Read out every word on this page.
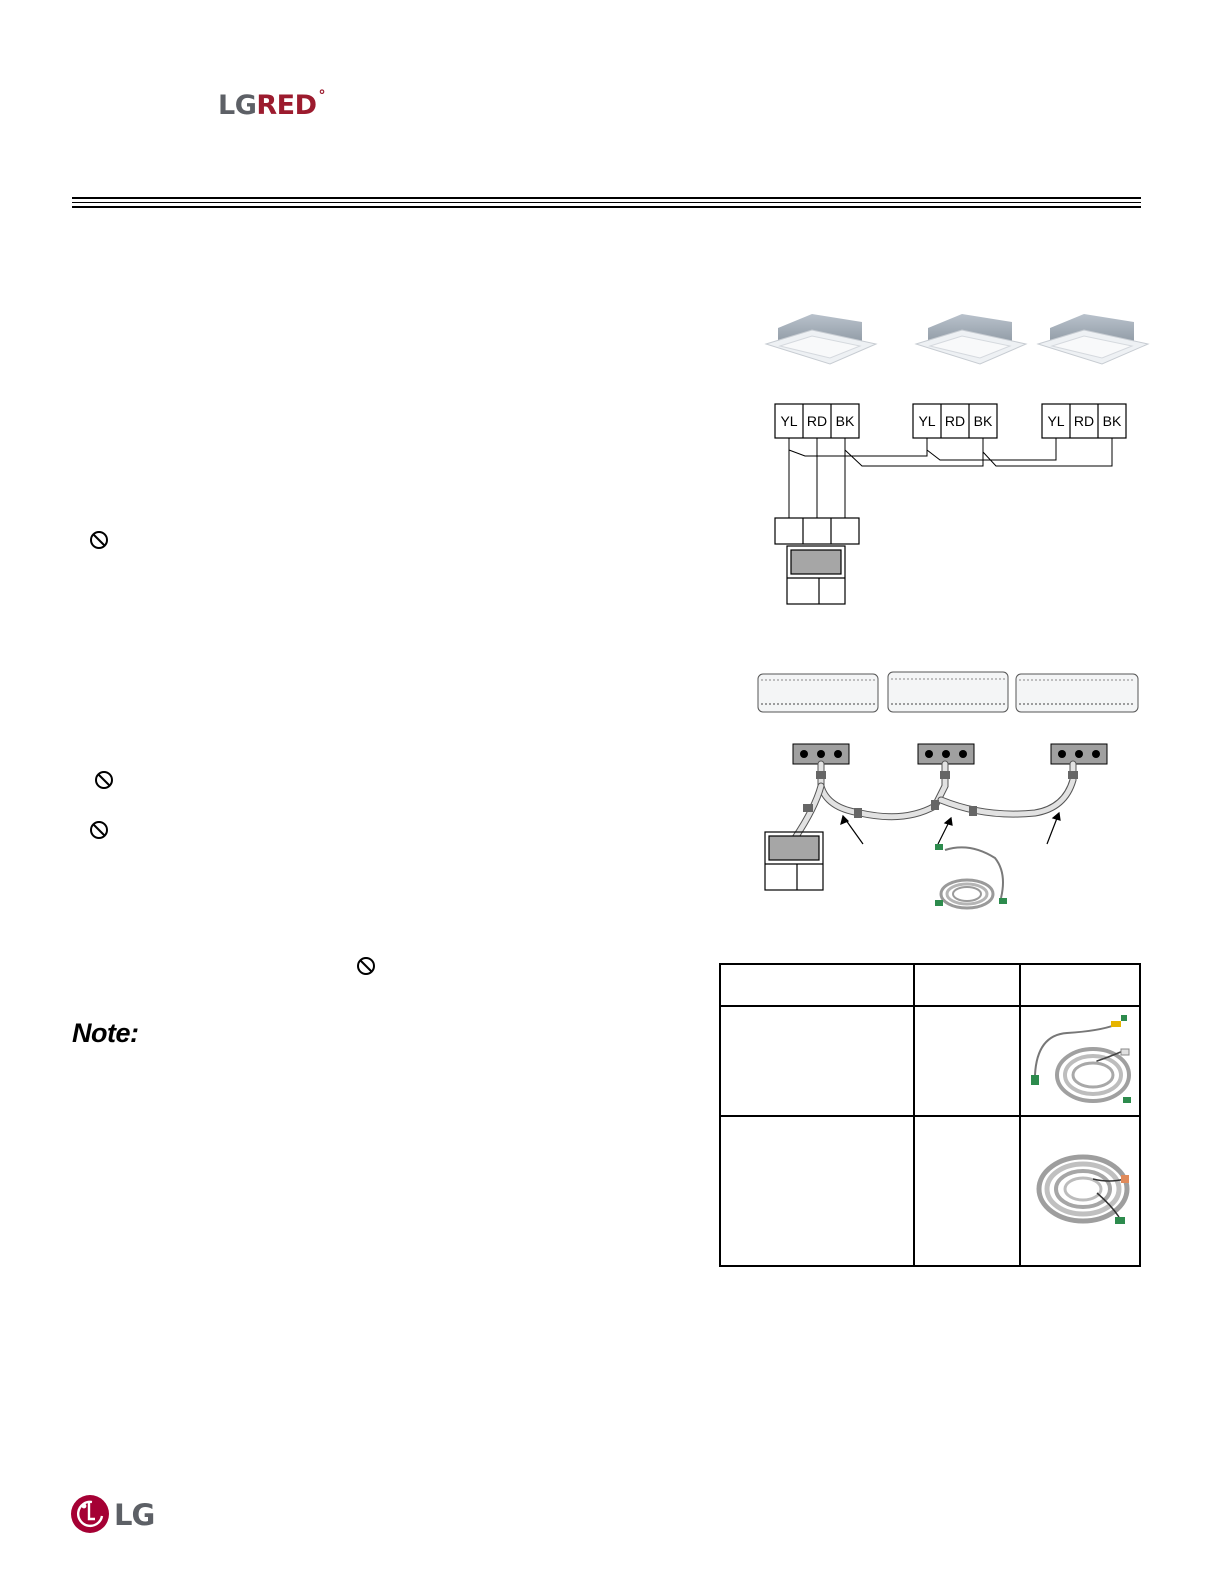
LGRED °
Note:
YL RD BK	YL RD BK	YL RD BK
LG
